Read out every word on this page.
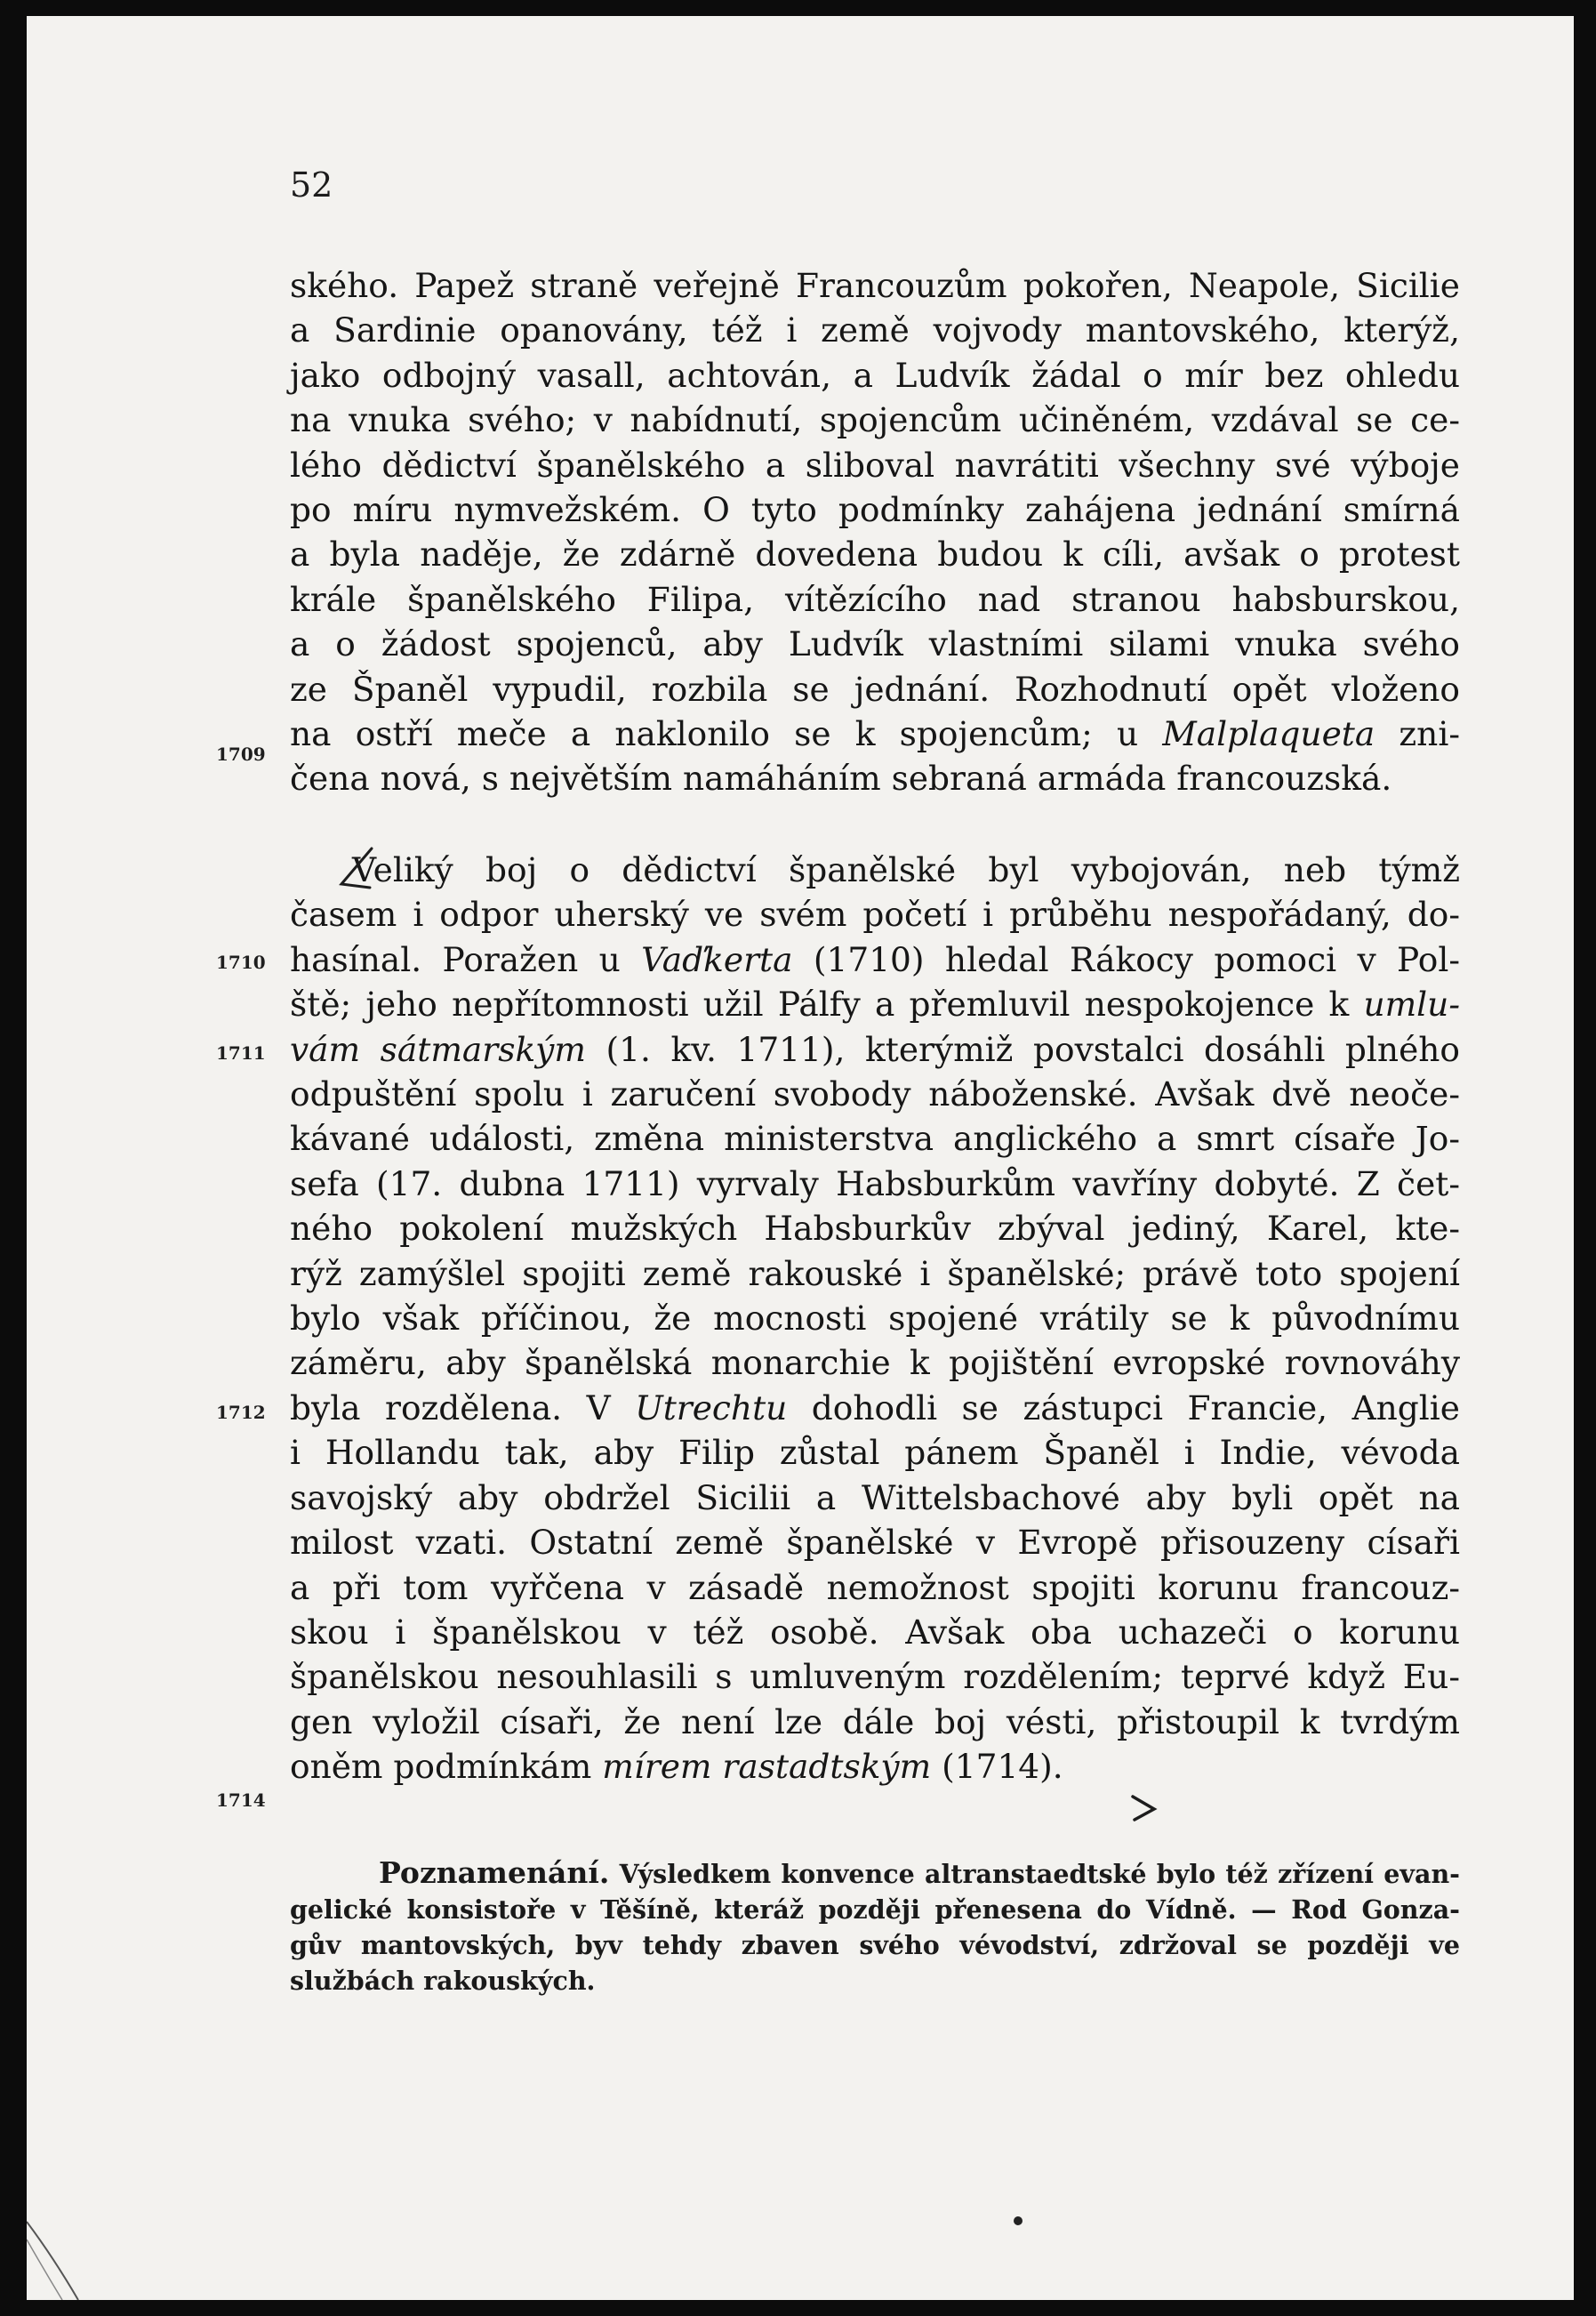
52

ského. Papež straně veřejně Francouzům pokořen, Neapole, Sicilie
a Sardinie opanovány, též i země vojvody mantovského, kterýž,
jako odbojný vasall, achtován, a Ludvík žádal o mír bez ohledu
na vnuka svého; v nabídnutí, spojencům učiněném, vzdával se ce-
lého dědictví španělského a sliboval navrátiti všechny své výboje
po míru nymvežském. O tyto podmínky zahájena jednání smírná
a byla naděje, že zdárně dovedena budou k cíli, avšak o protest
krále španělského Filipa, vítězícího nad stranou habsburskou,
a o žádost spojenců, aby Ludvík vlastními silami vnuka svého
ze Španěl vypudil, rozbila se jednání. Rozhodnutí opět vloženo
na ostří meče a naklonilo se k spojencům; u Malplaqueta zni-
čena nová, s největším namáháním sebraná armáda francouzská.

Veliký boj o dědictví španělské byl vybojován, neb týmž
časem i odpor uherský ve svém početí i průběhu nespořádaný, do-
hasínal. Poražen u Vaďkerta (1710) hledal Rákocy pomoci v Pol-
ště; jeho nepřítomnosti užil Pálfy a přemluvil nespokojence k umlu-
vám sátmarským (1. kv. 1711), kterýmiž povstalci dosáhli plného
odpuštění spolu i zaručení svobody náboženské. Avšak dvě neoče-
kávané události, změna ministerstva anglického a smrt císaře Jo-
sefa (17. dubna 1711) vyrvaly Habsburkům vavříny dobyté. Z čet-
ného pokolení mužských Habsburkův zbýval jediný, Karel, kte-
rýž zamýšlel spojiti země rakouské i španělské; právě toto spojení
bylo však příčinou, že mocnosti spojené vrátily se k původnímu
záměru, aby španělská monarchie k pojištění evropské rovnováhy
byla rozdělena. V Utrechtu dohodli se zástupci Francie, Anglie
i Hollandu tak, aby Filip zůstal pánem Španěl i Indie, vévoda
savojský aby obdržel Sicilii a Wittelsbachové aby byli opět na
milost vzati. Ostatní země španělské v Evropě přisouzeny císaři
a při tom vyřčena v zásadě nemožnost spojiti korunu francouz-
skou i španělskou v též osobě. Avšak oba uchazeči o korunu
španělskou nesouhlasili s umluveným rozdělením; teprvé když Eu-
gen vyložil císaři, že není lze dále boj vésti, přistoupil k tvrdým
oněm podmínkám mírem rastadtským (1714).

1709
1710
1711
1712
1714

Poznamenání. Výsledkem konvence altranstaedtské bylo též zřízení evan-
gelické konsistoře v Těšíně, kteráž později přenesena do Vídně. — Rod Gonza-
gův mantovských, byv tehdy zbaven svého vévodství, zdržoval se později ve
službách rakouských.
